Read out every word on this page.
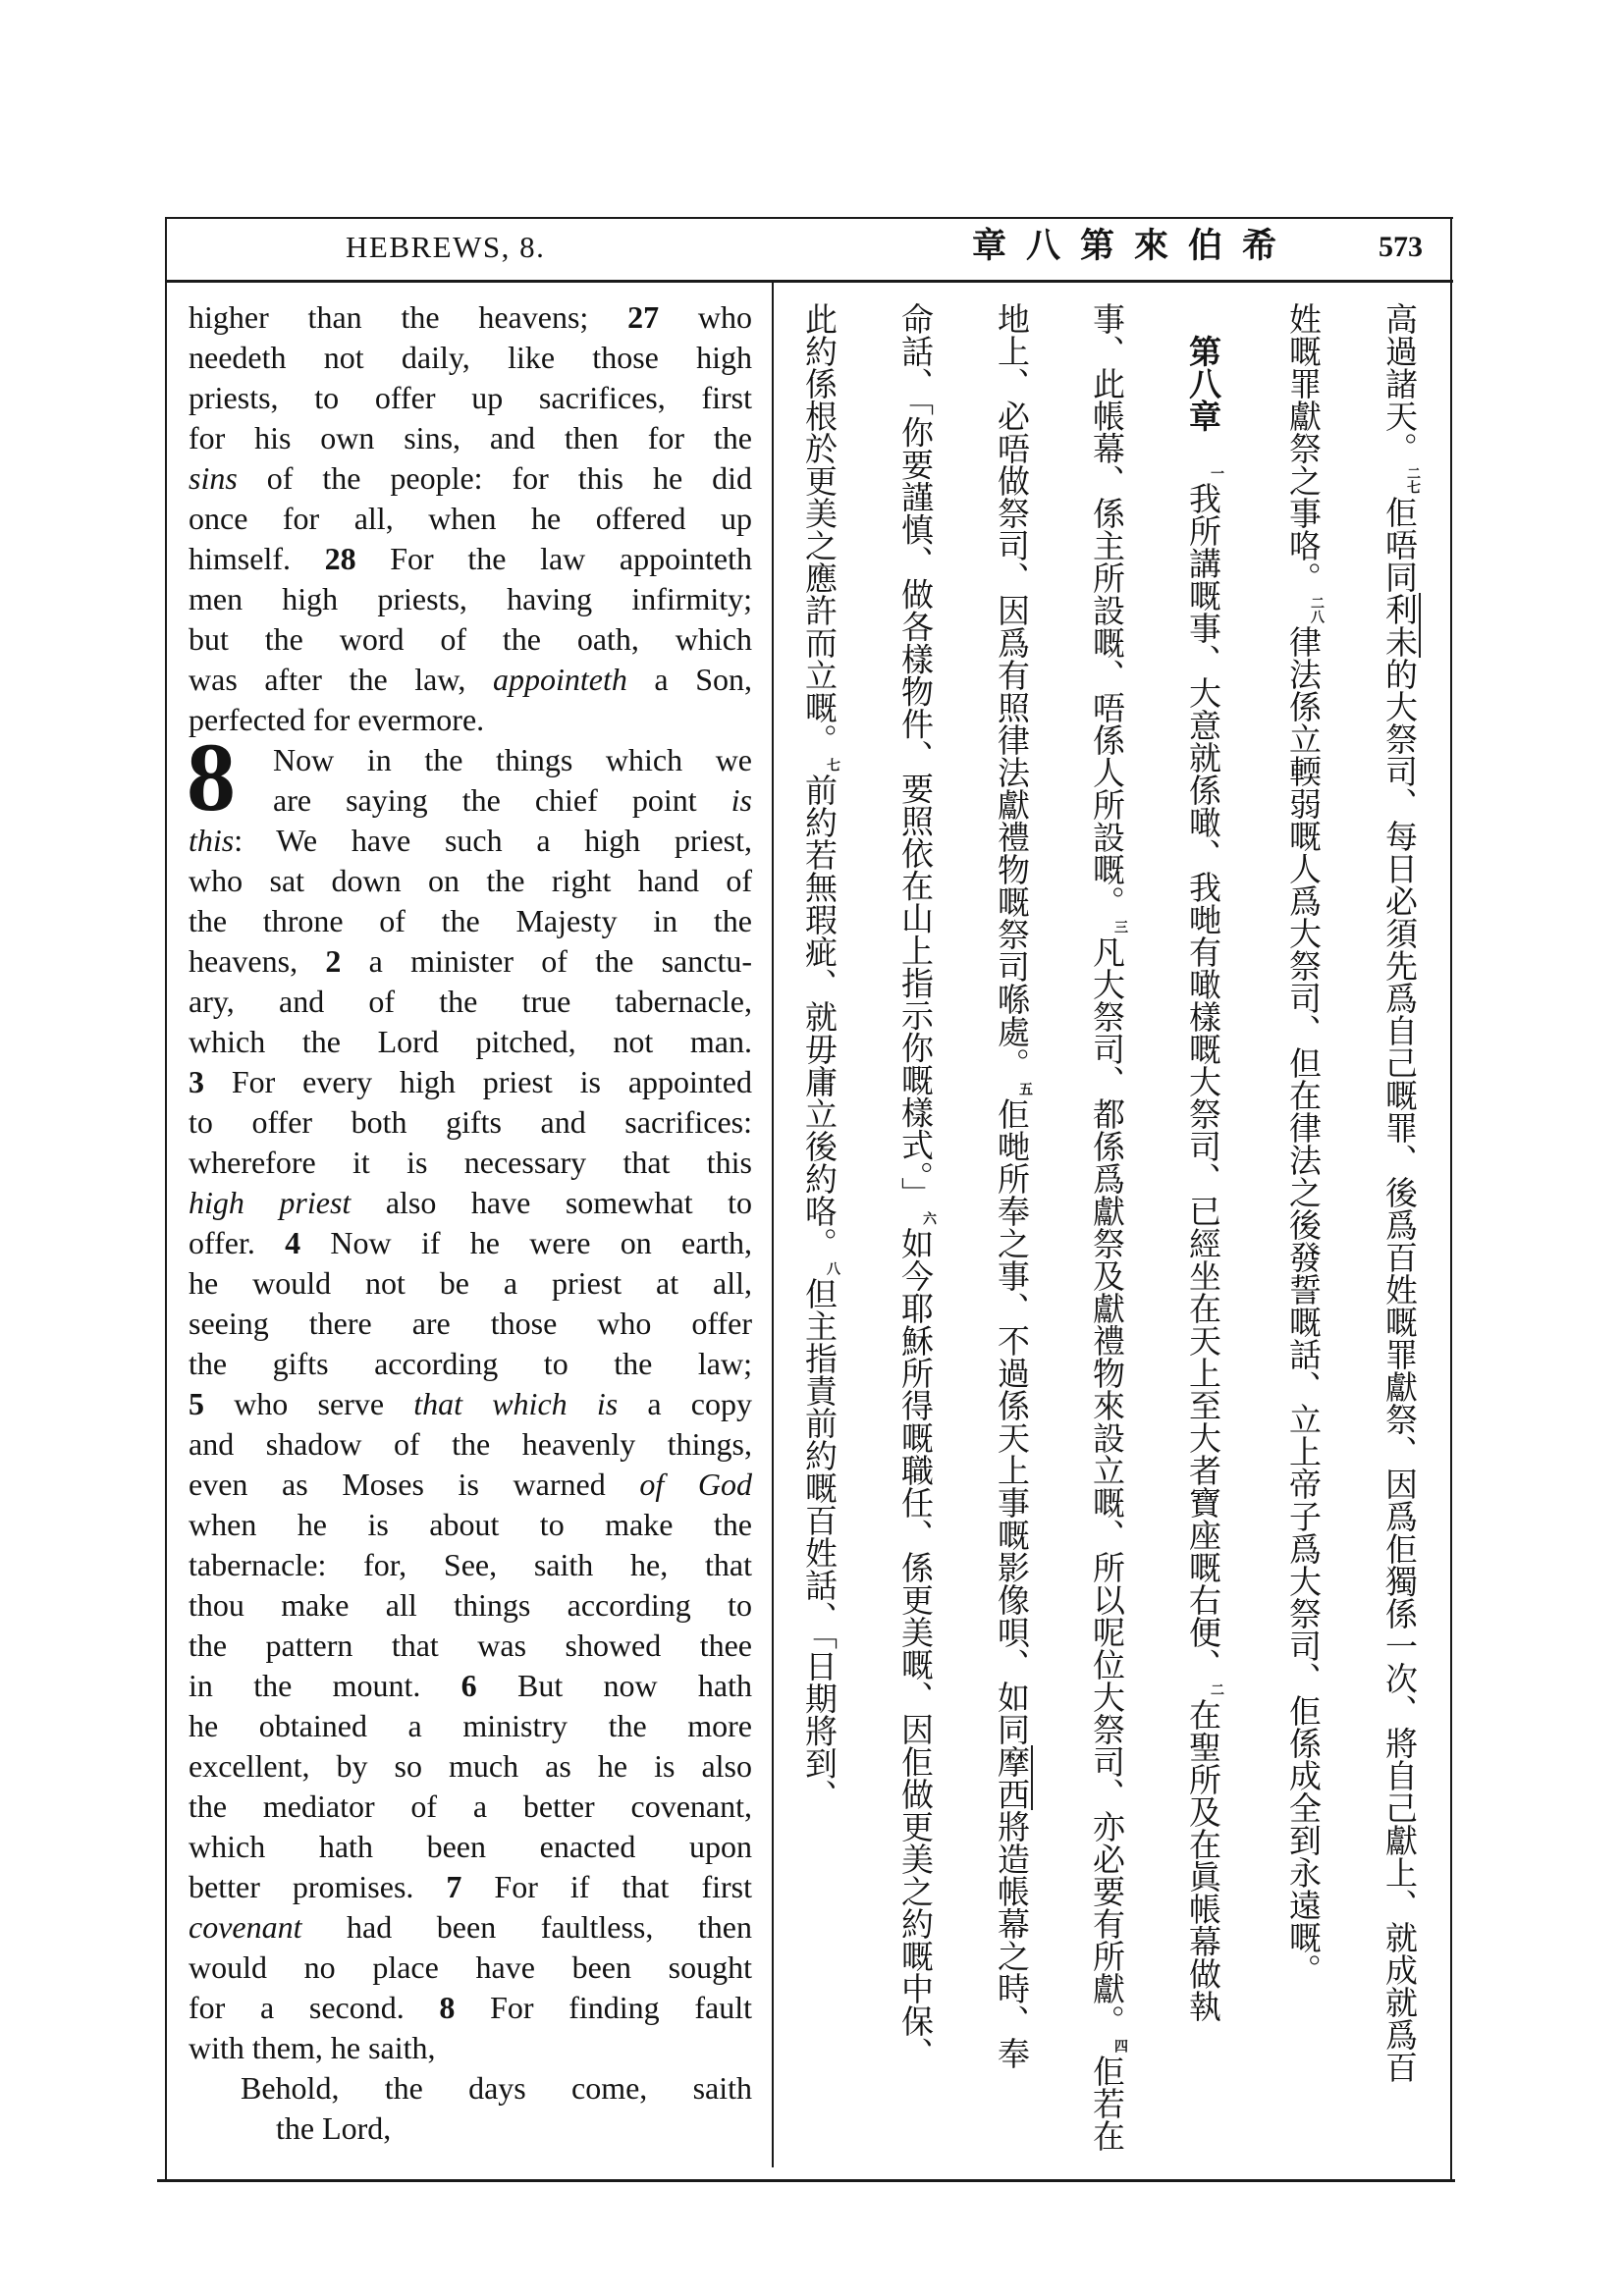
HEBREWS, 8.	希伯來第八章	573
8
higher than the heavens; 27 who
needeth not daily, like those high
priests, to offer up sacrifices, first
for his own sins, and then for the
sins of the people: for this he did
once for all, when he offered up
himself. 28 For the law appointeth
men high priests, having infirmity;
but the word of the oath, which
was after the law, appointeth a Son,
perfected for evermore.
Now in the things which we
are saying the chief point is
this: We have such a high priest,
who sat down on the right hand of
the throne of the Majesty in the
heavens, 2 a minister of the sanctu-
ary, and of the true tabernacle,
which the Lord pitched, not man.
3 For every high priest is appointed
to offer both gifts and sacrifices:
wherefore it is necessary that this
high priest also have somewhat to
offer. 4 Now if he were on earth,
he would not be a priest at all,
seeing there are those who offer
the gifts according to the law;
5 who serve that which is a copy
and shadow of the heavenly things,
even as Moses is warned of God
when he is about to make the
tabernacle: for, See, saith he, that
thou make all things according to
the pattern that was showed thee
in the mount. 6 But now hath
he obtained a ministry the more
excellent, by so much as he is also
the mediator of a better covenant,
which hath been enacted upon
better promises. 7 For if that first
covenant had been faultless, then
would no place have been sought
for a second. 8 For finding fault
with them, he saith,
Behold, the days come, saith
the Lord,
第八章	高過諸天。
二七
佢唔同
利未
的大祭司、每日必須先爲自己嘅罪、後爲百姓嘅罪獻祭、因爲佢獨係一次、將自己獻上、就成就爲百
姓嘅罪獻祭之事咯。
二八
律法係立輭弱嘅人爲大祭司、但在律法之後發誓嘅話、立上帝子爲大祭司、佢係成全到永遠嘅。
一
我所講嘅事、大意就係噉、我哋有噉樣嘅大祭司、已經坐在天上至大者寶座嘅右便、
二
在聖所及在眞帳幕做執
事、此帳幕、係主所設嘅、唔係人所設嘅。
三
凡大祭司、都係爲獻祭及獻禮物來設立嘅、所以呢位大祭司、亦必要有所獻。
四
佢若在
地上、必唔做祭司、因爲有照律法獻禮物嘅祭司喺處。
五
佢哋所奉之事、不過係天上事嘅影像唄、如同
摩西
將造帳幕之時、奉
命話、「你要謹慎、做各樣物件、要照依在山上指示你嘅樣式。」
六
如今耶穌所得嘅職任、係更美嘅、因佢做更美之約嘅中保、
此約係根於更美之應許而立嘅。
七
前約若無瑕疵、就毋庸立後約咯。
八
但主指責前約嘅百姓話、「日期將到、
